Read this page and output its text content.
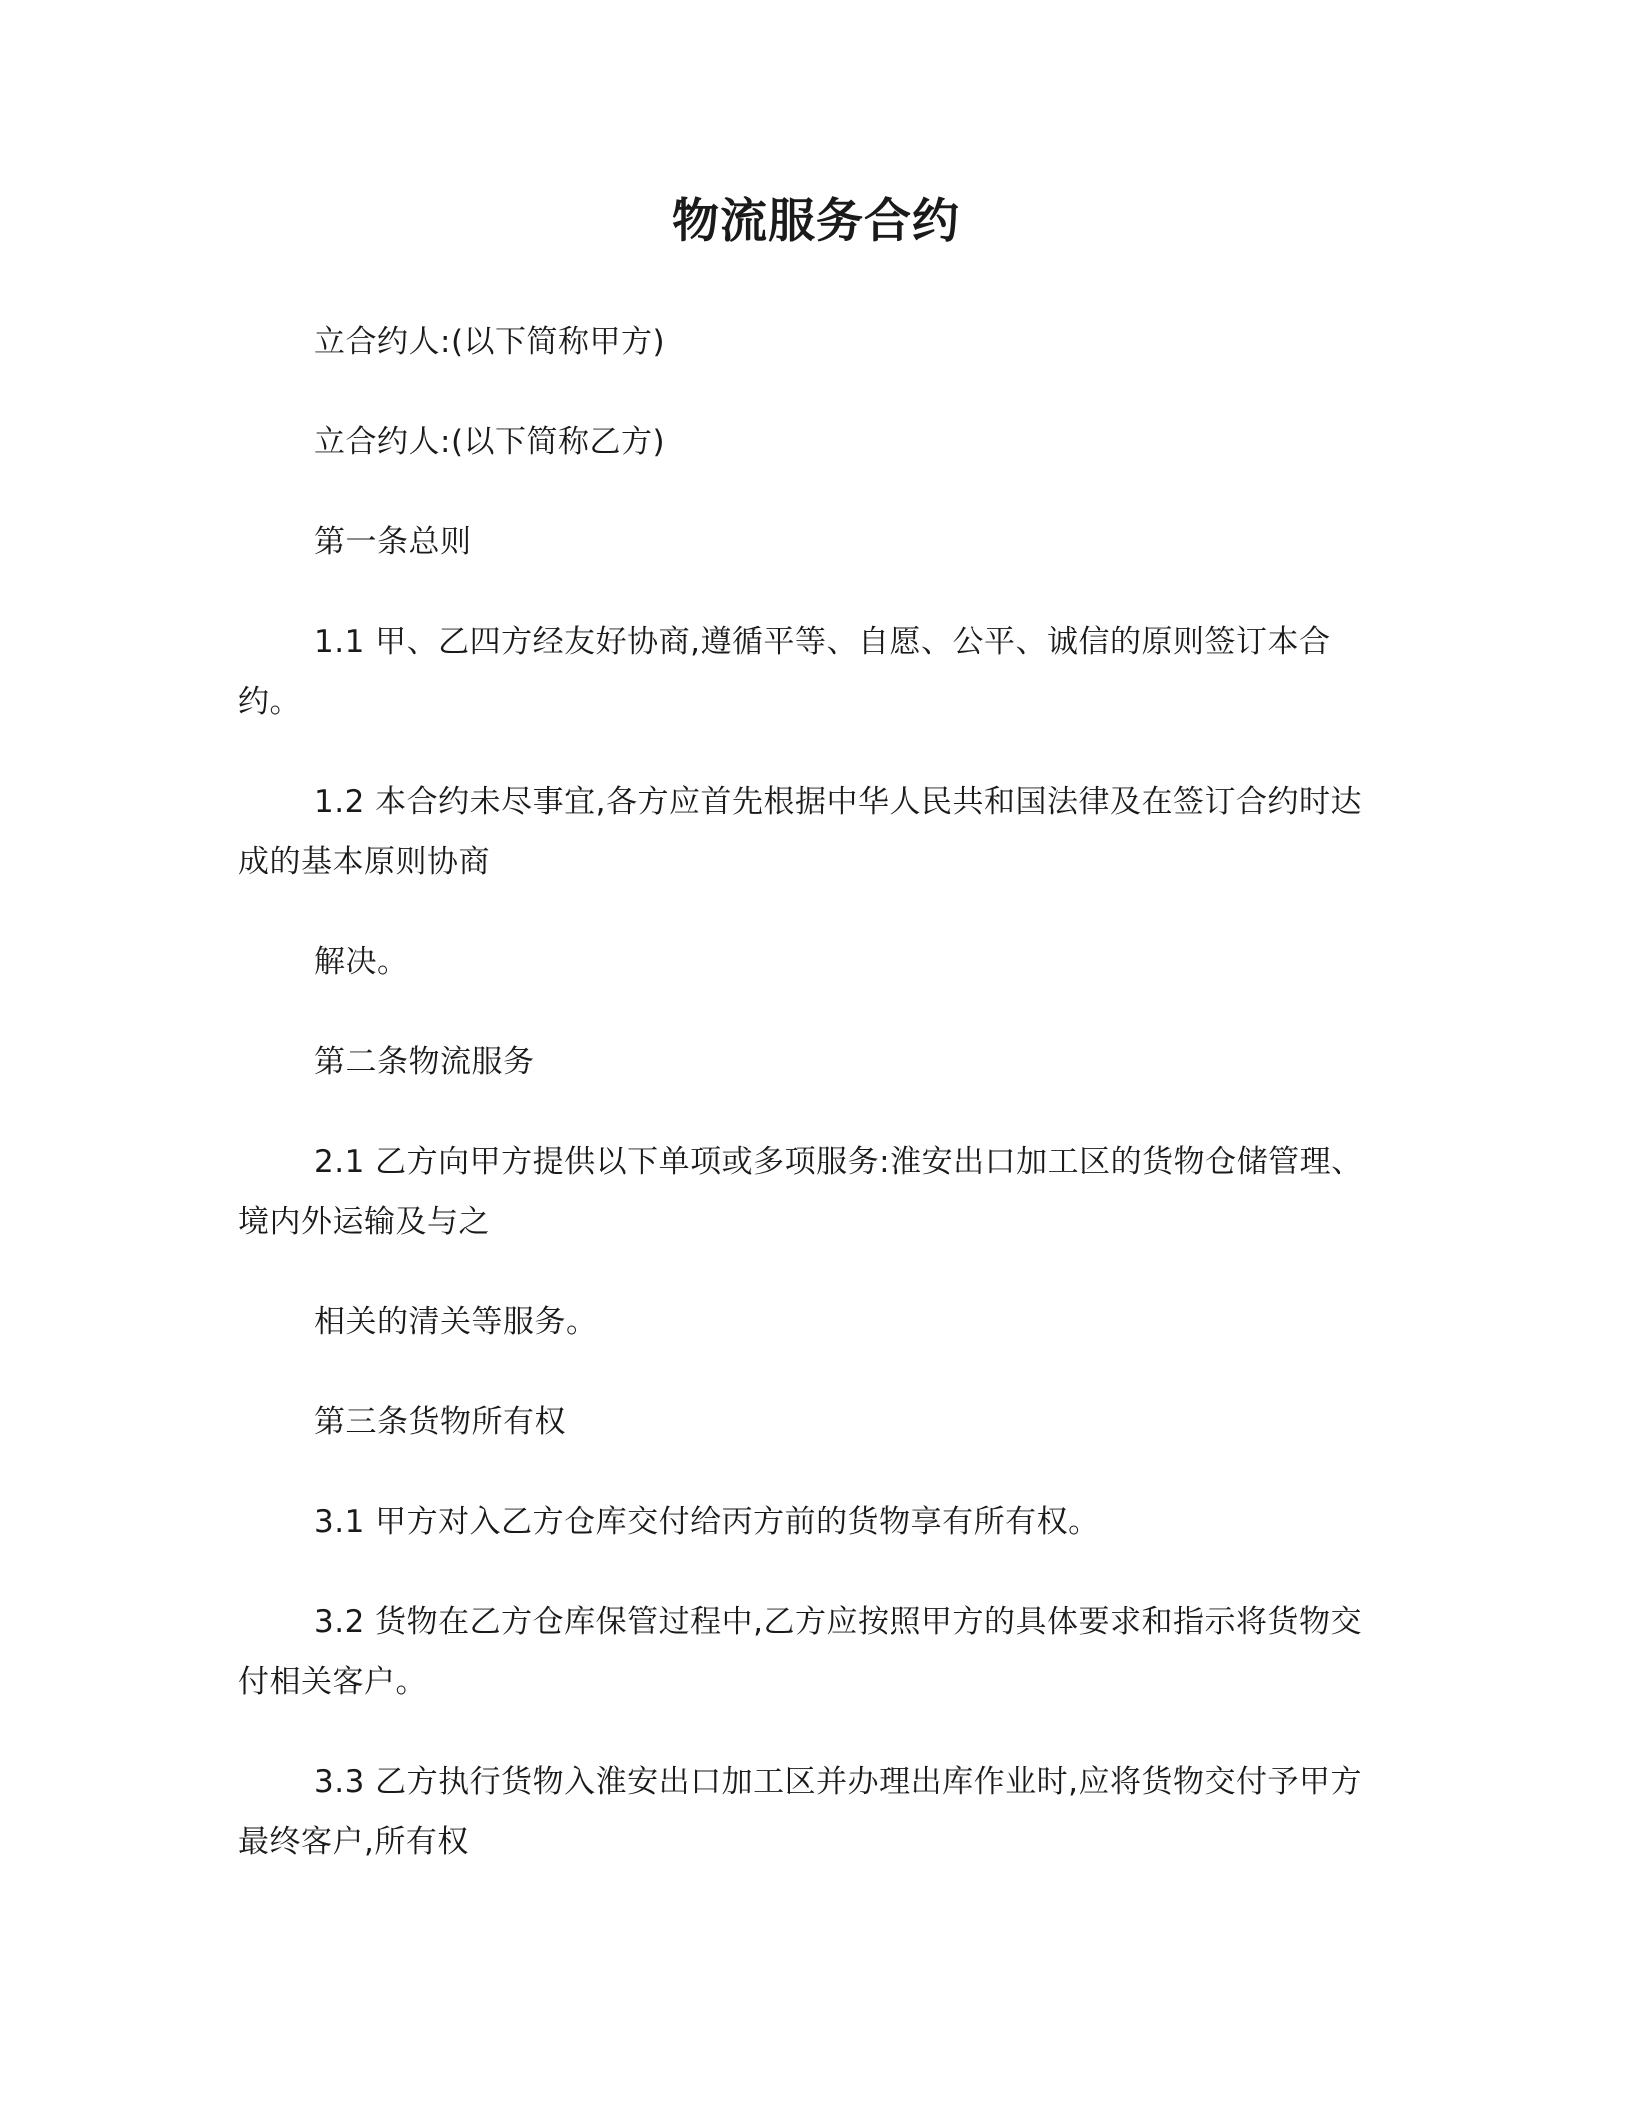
物流服务合约
立合约人:(以下简称甲方)
立合约人:(以下简称乙方)
第一条总则
1.1 甲、乙四方经友好协商,遵循平等、自愿、公平、诚信的原则签订本合
约。
1.2 本合约未尽事宜,各方应首先根据中华人民共和国法律及在签订合约时达
成的基本原则协商
解决。
第二条物流服务
2.1 乙方向甲方提供以下单项或多项服务:淮安出口加工区的货物仓储管理、
境内外运输及与之
相关的清关等服务。
第三条货物所有权
3.1 甲方对入乙方仓库交付给丙方前的货物享有所有权。
3.2 货物在乙方仓库保管过程中,乙方应按照甲方的具体要求和指示将货物交
付相关客户。
3.3 乙方执行货物入淮安出口加工区并办理出库作业时,应将货物交付予甲方
最终客户,所有权
